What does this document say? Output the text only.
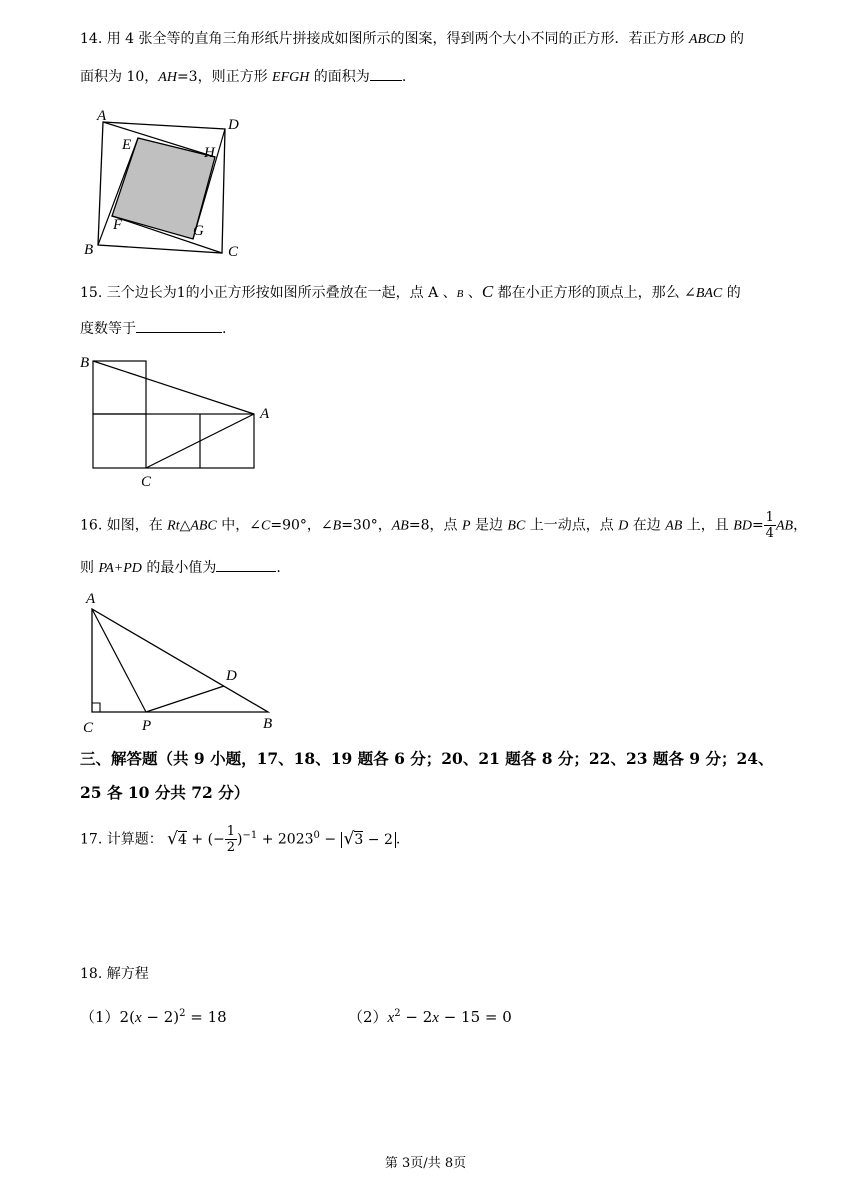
14. 用 4 张全等的直角三角形纸片拼接成如图所示的图案，得到两个大小不同的正方形．若正方形 ABCD 的
面积为 10，AH=3，则正方形 EFGH 的面积为 .
A
D
E	H
F	G
B	C
15. 三个边长为1的小正方形按如图所示叠放在一起，点 A 、B 、C 都在小正方形的顶点上，那么 ∠BAC 的
度数等于	.
B
A
C
16. 如图，在 Rt△ABC 中，∠C=90°，∠B=30°，AB=8，点 P 是边 BC 上一动点，点 D 在边 AB 上，且 $BD= \frac{1}{4}$ AB，
则 PA+PD 的最小值为	.
A
D
C	P	B
三、解答题（共 9 小题，17、18、19 题各 6 分；20、21 题各 8 分；22、23 题各 9 分；24、25 各 10 分共 72 分）
17. 计算题： √4 + (− $\frac{1}{2} )^{-1} + 2023^0 - √3 - 2$ .
18. 解方程
$(1)2(x - 2)^2 = 18$	$(2)x^2 - 2x - 15 = 0$
第 3页/共 8页
